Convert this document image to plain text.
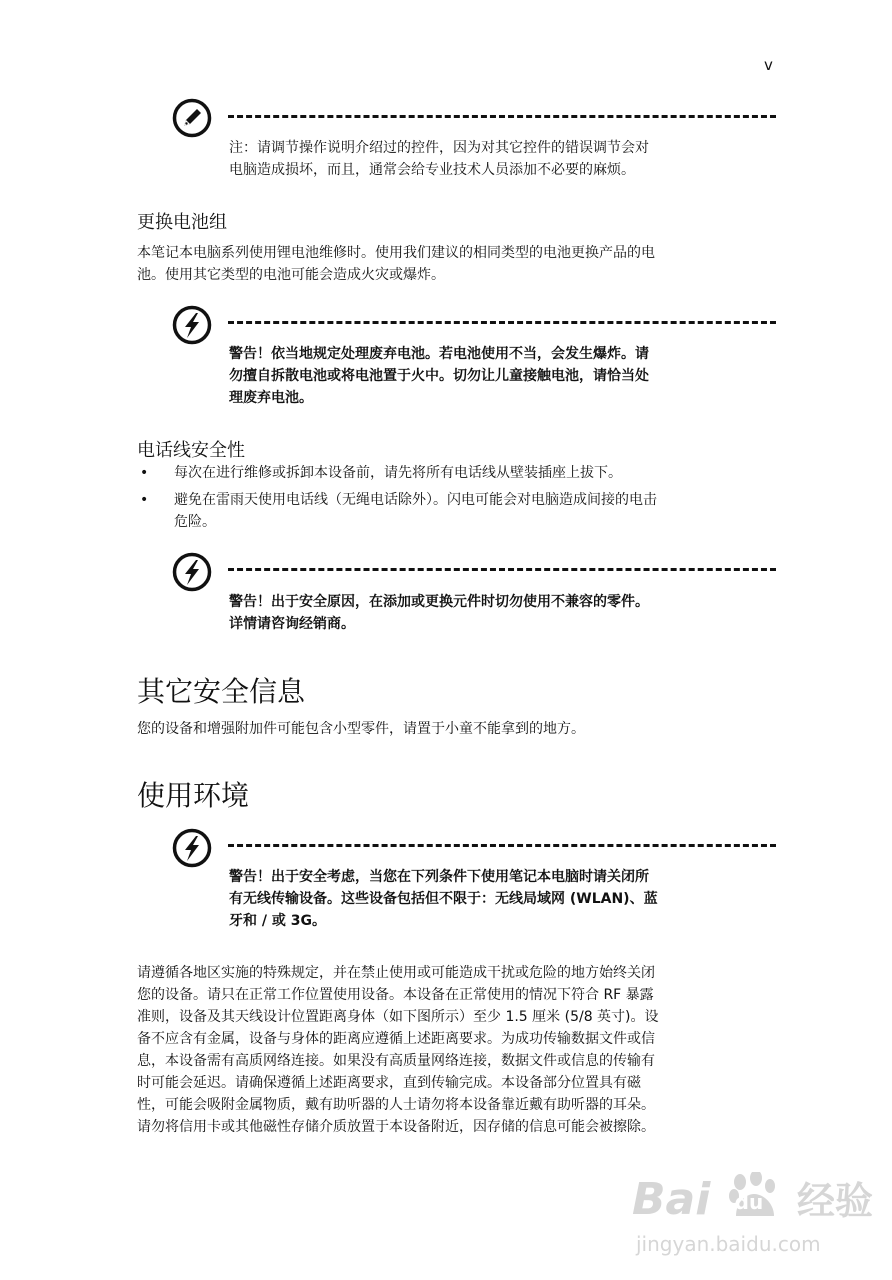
v
注：请调节操作说明介绍过的控件，因为对其它控件的错误调节会对
电脑造成损坏，而且，通常会给专业技术人员添加不必要的麻烦。
更换电池组
本笔记本电脑系列使用锂电池维修时。使用我们建议的相同类型的电池更换产品的电
池。使用其它类型的电池可能会造成火灾或爆炸。
警告！依当地规定处理废弃电池。若电池使用不当，会发生爆炸。请
勿擅自拆散电池或将电池置于火中。切勿让儿童接触电池，请恰当处
理废弃电池。
电话线安全性
• 每次在进行维修或拆卸本设备前，请先将所有电话线从壁装插座上拔下。
• 避免在雷雨天使用电话线（无绳电话除外）。闪电可能会对电脑造成间接的电击
危险。
警告！出于安全原因，在添加或更换元件时切勿使用不兼容的零件。
详情请咨询经销商。
其它安全信息
您的设备和增强附加件可能包含小型零件，请置于小童不能拿到的地方。
使用环境
警告！出于安全考虑，当您在下列条件下使用笔记本电脑时请关闭所
有无线传输设备。这些设备包括但不限于：无线局域网 (WLAN)、蓝
牙和 / 或 3G。
请遵循各地区实施的特殊规定，并在禁止使用或可能造成干扰或危险的地方始终关闭
您的设备。请只在正常工作位置使用设备。本设备在正常使用的情况下符合 RF 暴露
准则，设备及其天线设计位置距离身体（如下图所示）至少 1.5 厘米 (5/8 英寸)。设
备不应含有金属，设备与身体的距离应遵循上述距离要求。为成功传输数据文件或信
息，本设备需有高质网络连接。如果没有高质量网络连接，数据文件或信息的传输有
时可能会延迟。请确保遵循上述距离要求，直到传输完成。本设备部分位置具有磁
性，可能会吸附金属物质，戴有助听器的人士请勿将本设备靠近戴有助听器的耳朵。
请勿将信用卡或其他磁性存储介质放置于本设备附近，因存储的信息可能会被擦除。
Bai du 经验
jingyan.baidu.com
